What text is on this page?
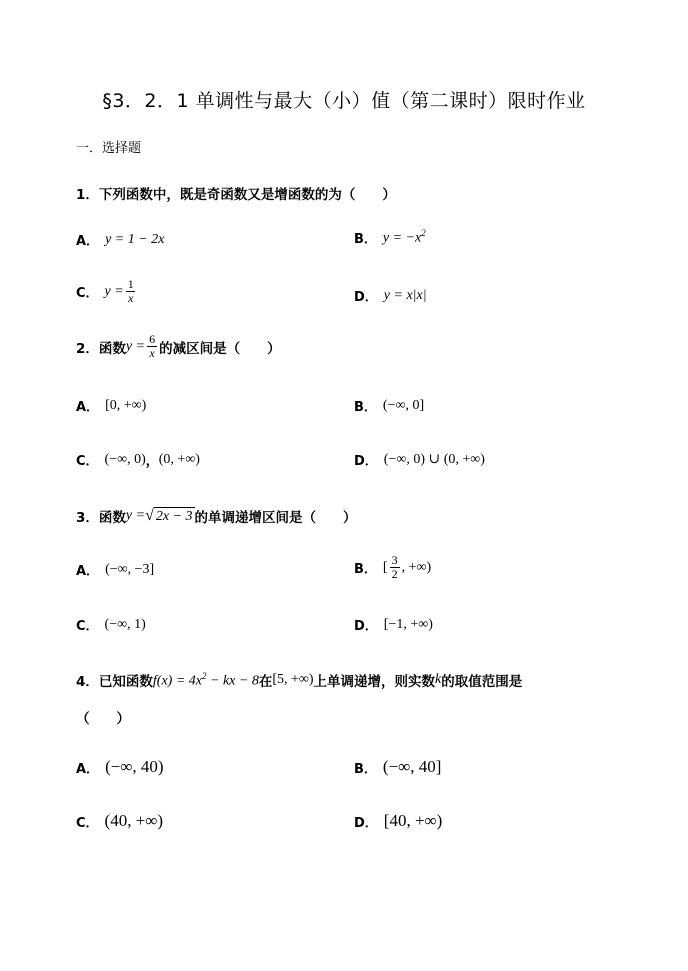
§3．2．1 单调性与最大（小）值（第二课时）限时作业
一．选择题
1．下列函数中，既是奇函数又是增函数的为（　　）
A． y = 1 − 2x	B． $y = -x^2$
C． $y = \frac{1}{x}$	D． y = x|x|
2．函数 $y = \frac{6}{x}$ 的减区间是（　　）
A． [0, +∞)	B． (−∞, 0]
C． (−∞, 0) ， (0, +∞)	D． (−∞, 0) ∪ (0, +∞)
3．函数 y = √ 2x − 3 的单调递增区间是（　　）
A． (−∞, −3]	B． [ $\frac{3}{2}$ , +∞)
C． (−∞, 1)	D． [−1, +∞)
4．已知函数 $f(x) = 4x^2$ − kx − 8 在 [5, +∞) 上单调递增，则实数 k 的取值范围是
（　　）
A． (−∞, 40)	B． (−∞, 40]
C． (40, +∞)	D． [40, +∞)
